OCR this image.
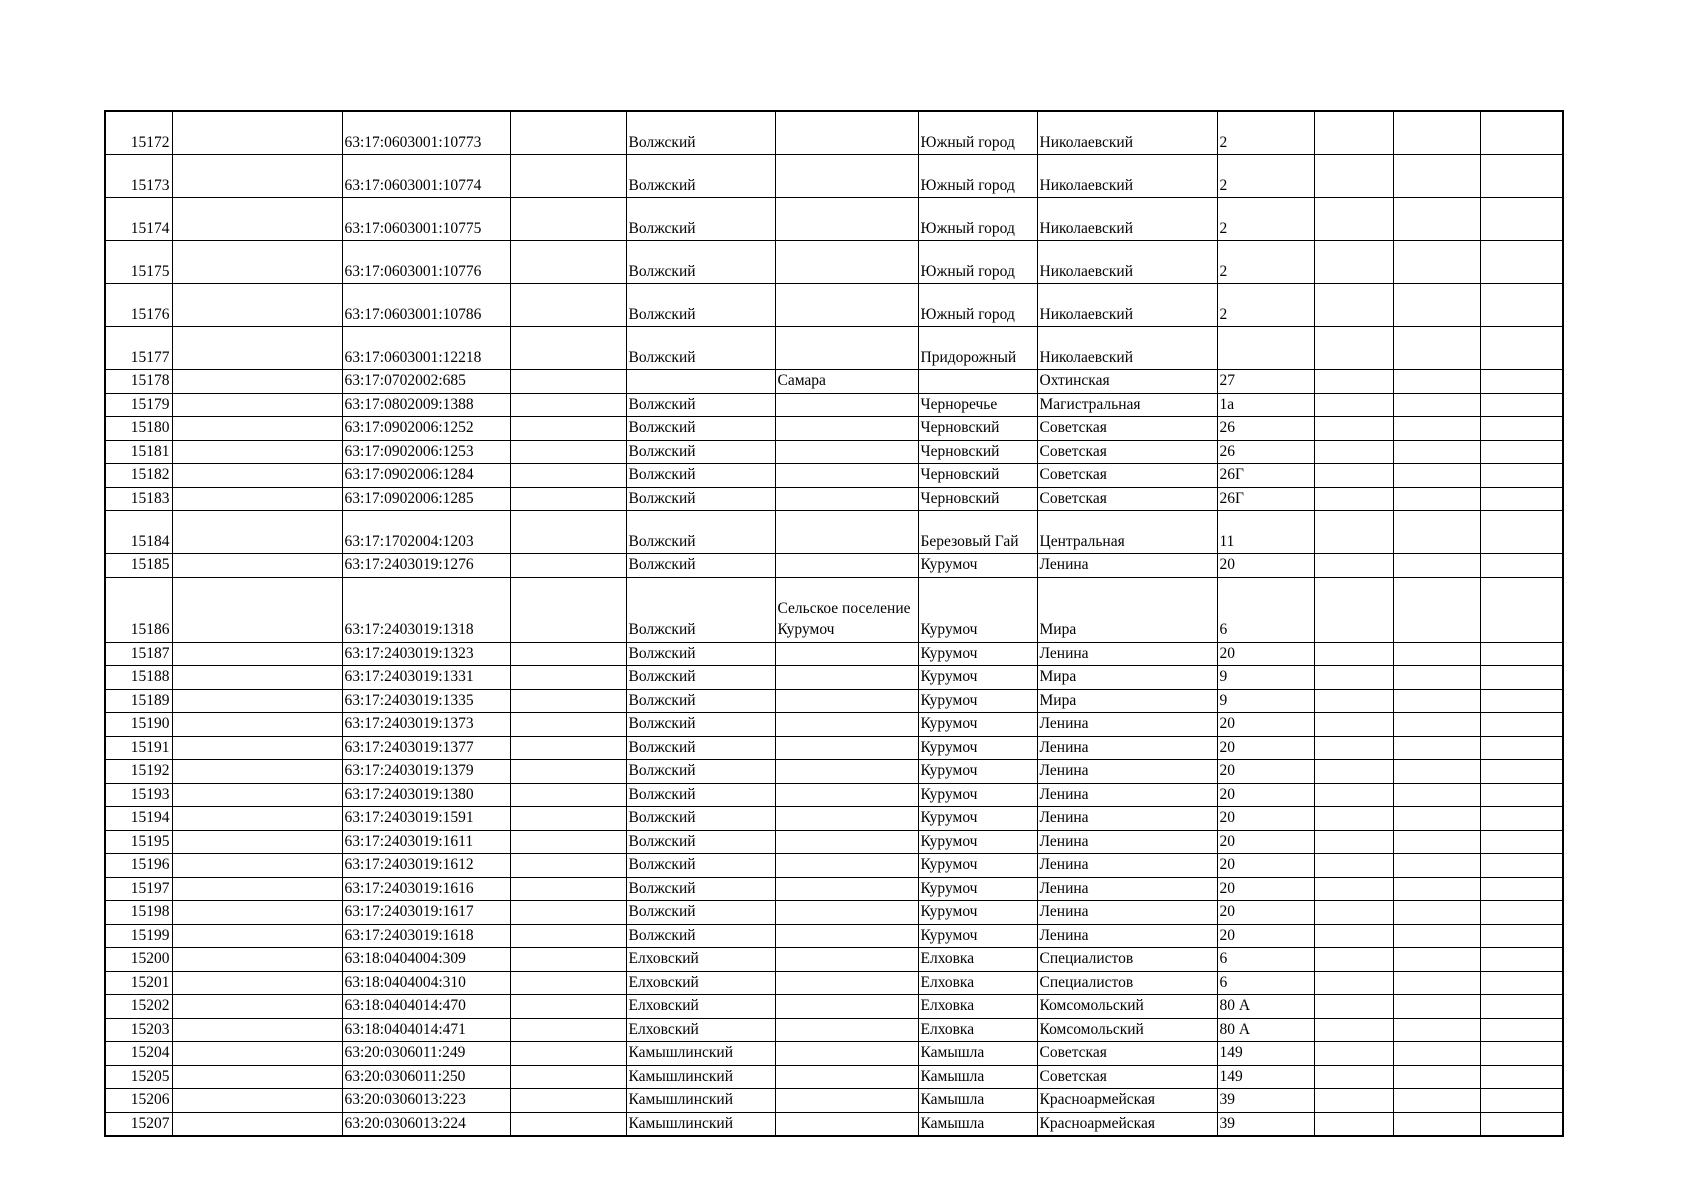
15172		63:17:0603001:10773		Волжский		Южный город	Николаевский	2			
15173		63:17:0603001:10774		Волжский		Южный город	Николаевский	2			
15174		63:17:0603001:10775		Волжский		Южный город	Николаевский	2			
15175		63:17:0603001:10776		Волжский		Южный город	Николаевский	2			
15176		63:17:0603001:10786		Волжский		Южный город	Николаевский	2			
15177		63:17:0603001:12218		Волжский		Придорожный	Николаевский				
15178		63:17:0702002:685			Самара		Охтинская	27			
15179		63:17:0802009:1388		Волжский		Черноречье	Магистральная	1а			
15180		63:17:0902006:1252		Волжский		Черновский	Советская	26			
15181		63:17:0902006:1253		Волжский		Черновский	Советская	26			
15182		63:17:0902006:1284		Волжский		Черновский	Советская	26Г			
15183		63:17:0902006:1285		Волжский		Черновский	Советская	26Г			
15184		63:17:1702004:1203		Волжский		Березовый Гай	Центральная	11			
15185		63:17:2403019:1276		Волжский		Курумоч	Ленина	20			
15186		63:17:2403019:1318		Волжский	Сельское поселение Курумоч	Курумоч	Мира	6			
15187		63:17:2403019:1323		Волжский		Курумоч	Ленина	20			
15188		63:17:2403019:1331		Волжский		Курумоч	Мира	9			
15189		63:17:2403019:1335		Волжский		Курумоч	Мира	9			
15190		63:17:2403019:1373		Волжский		Курумоч	Ленина	20			
15191		63:17:2403019:1377		Волжский		Курумоч	Ленина	20			
15192		63:17:2403019:1379		Волжский		Курумоч	Ленина	20			
15193		63:17:2403019:1380		Волжский		Курумоч	Ленина	20			
15194		63:17:2403019:1591		Волжский		Курумоч	Ленина	20			
15195		63:17:2403019:1611		Волжский		Курумоч	Ленина	20			
15196		63:17:2403019:1612		Волжский		Курумоч	Ленина	20			
15197		63:17:2403019:1616		Волжский		Курумоч	Ленина	20			
15198		63:17:2403019:1617		Волжский		Курумоч	Ленина	20			
15199		63:17:2403019:1618		Волжский		Курумоч	Ленина	20			
15200		63:18:0404004:309		Елховский		Елховка	Специалистов	6			
15201		63:18:0404004:310		Елховский		Елховка	Специалистов	6			
15202		63:18:0404014:470		Елховский		Елховка	Комсомольский	80 А			
15203		63:18:0404014:471		Елховский		Елховка	Комсомольский	80 А			
15204		63:20:0306011:249		Камышлинский		Камышла	Советская	149			
15205		63:20:0306011:250		Камышлинский		Камышла	Советская	149			
15206		63:20:0306013:223		Камышлинский		Камышла	Красноармейская	39			
15207		63:20:0306013:224		Камышлинский		Камышла	Красноармейская	39			
